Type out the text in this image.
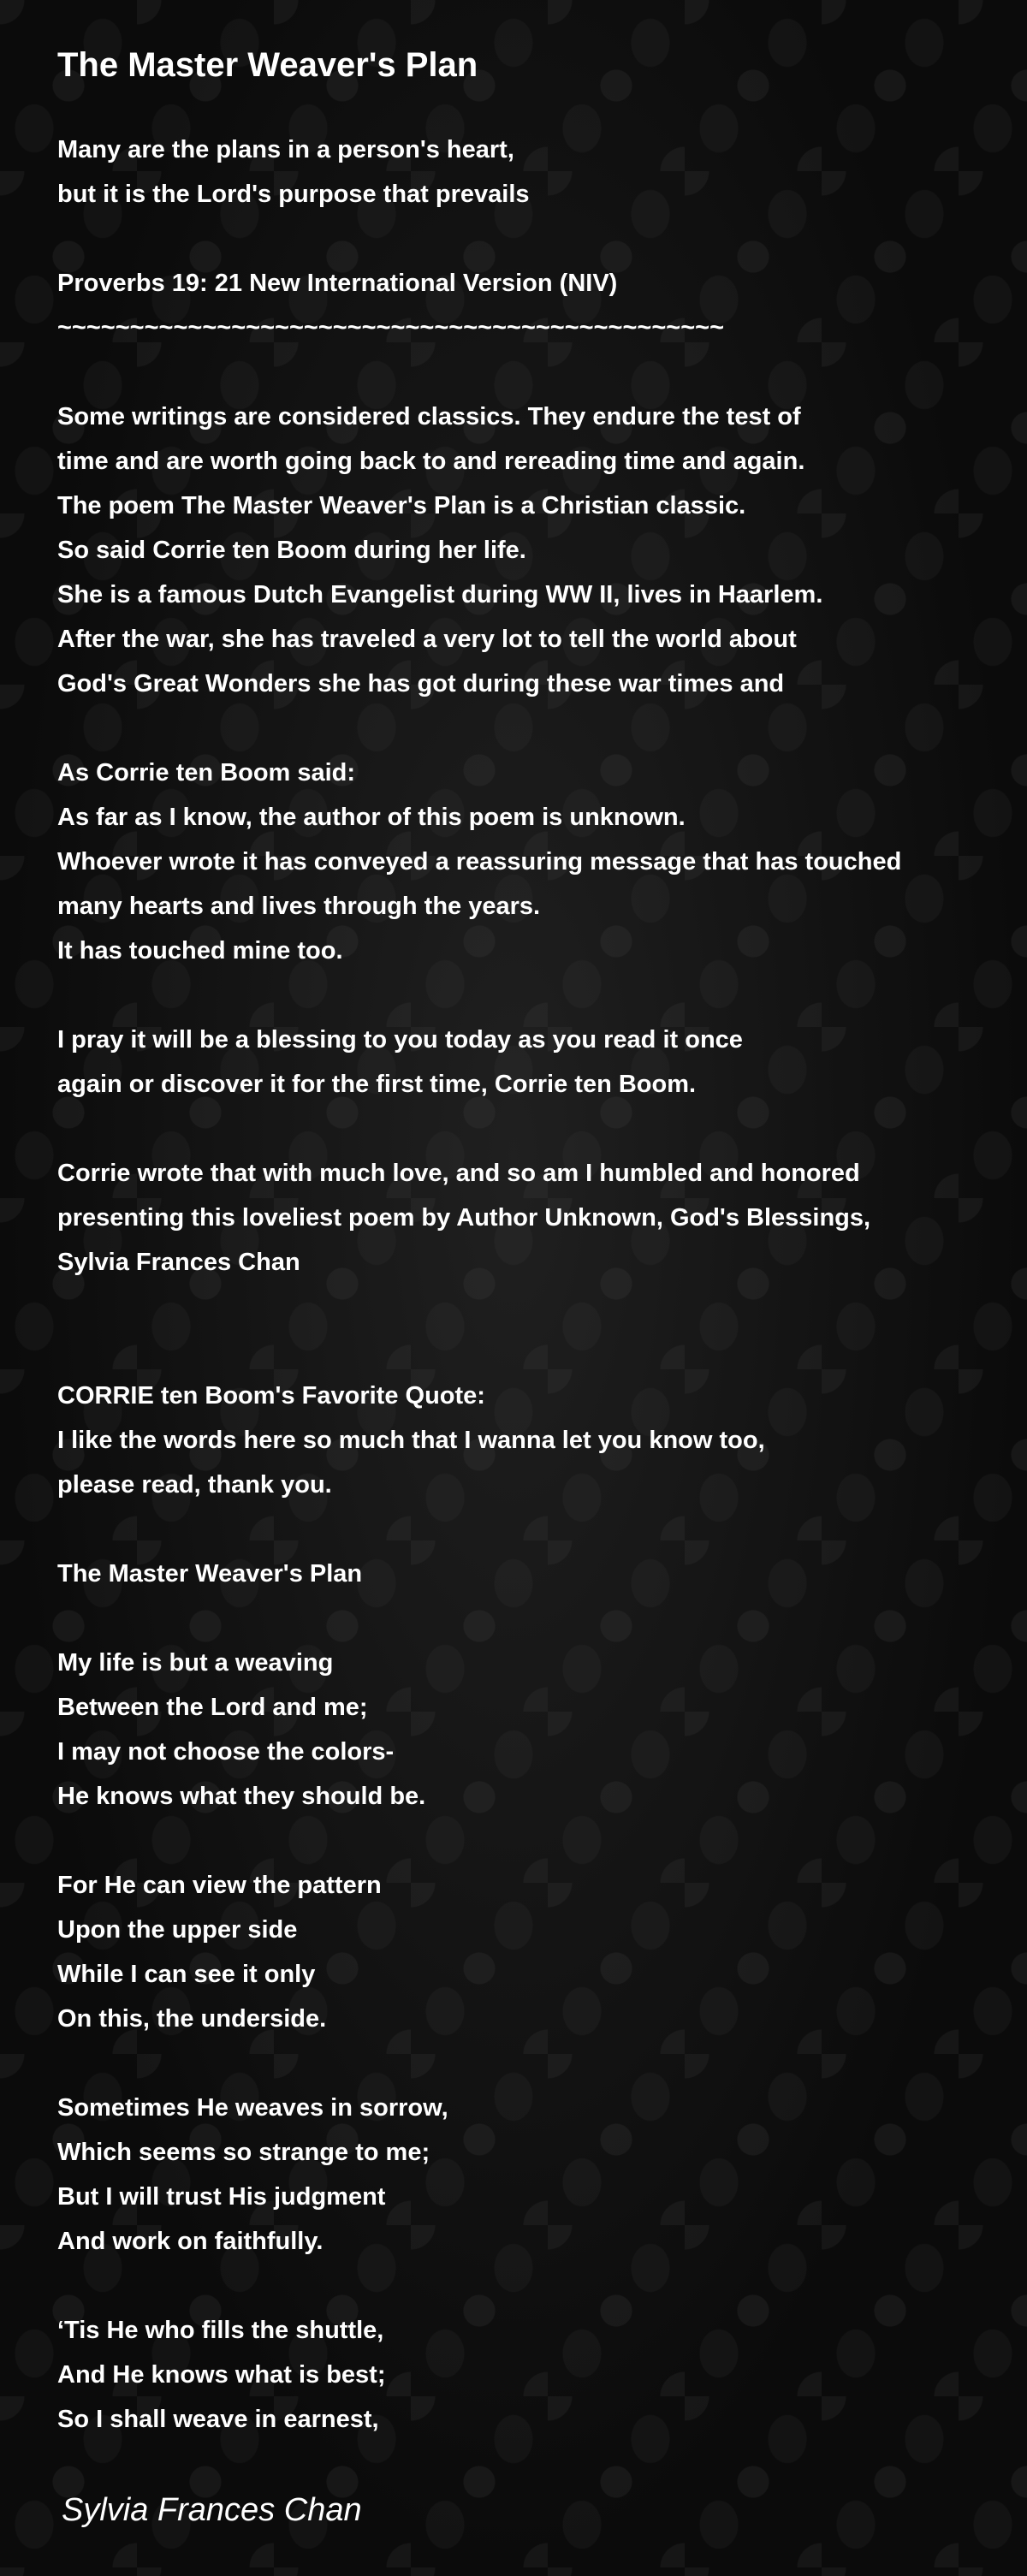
The Master Weaver's Plan
Many are the plans in a person's heart,
but it is the Lord's purpose that prevails
Proverbs 19: 21 New International Version (NIV)
~~~~~~~~~~~~~~~~~~~~~~~~~~~~~~~~~~~~~~~~~~~~~~
Some writings are considered classics. They endure the test of
time and are worth going back to and rereading time and again.
The poem The Master Weaver's Plan is a Christian classic.
So said Corrie ten Boom during her life.
She is a famous Dutch Evangelist during WW II, lives in Haarlem.
After the war, she has traveled a very lot to tell the world about
God's Great Wonders she has got during these war times and
As Corrie ten Boom said:
As far as I know, the author of this poem is unknown.
Whoever wrote it has conveyed a reassuring message that has touched
many hearts and lives through the years.
It has touched mine too.
I pray it will be a blessing to you today as you read it once
again or discover it for the first time, Corrie ten Boom.
Corrie wrote that with much love, and so am I humbled and honored
presenting this loveliest poem by Author Unknown, God's Blessings,
Sylvia Frances Chan
CORRIE ten Boom's Favorite Quote:
I like the words here so much that I wanna let you know too,
please read, thank you.
The Master Weaver's Plan
My life is but a weaving
Between the Lord and me;
I may not choose the colors-
He knows what they should be.
For He can view the pattern
Upon the upper side
While I can see it only
On this, the underside.
Sometimes He weaves in sorrow,
Which seems so strange to me;
But I will trust His judgment
And work on faithfully.
‘Tis He who fills the shuttle,
And He knows what is best;
So I shall weave in earnest,

Sylvia Frances Chan
